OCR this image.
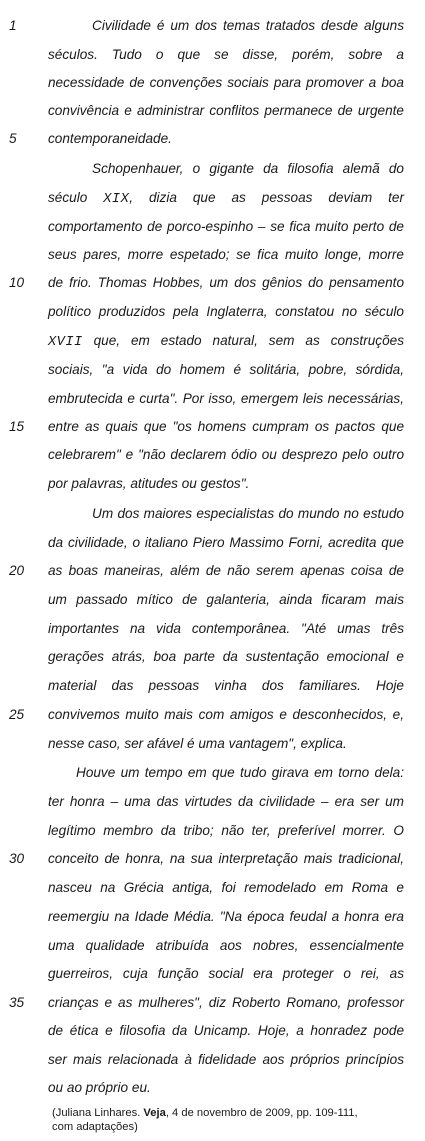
1
5
10
15
20
25
30
35
Civilidade é um dos temas tratados desde alguns
séculos. Tudo o que se disse, porém, sobre a
necessidade de convenções sociais para promover a boa
convivência e administrar conflitos permanece de urgente
contemporaneidade.
Schopenhauer, o gigante da filosofia alemã do
século XIX, dizia que as pessoas deviam ter
comportamento de porco-espinho – se fica muito perto de
seus pares, morre espetado; se fica muito longe, morre
de frio. Thomas Hobbes, um dos gênios do pensamento
político produzidos pela Inglaterra, constatou no século
XVII que, em estado natural, sem as construções
sociais, "a vida do homem é solitária, pobre, sórdida,
embrutecida e curta". Por isso, emergem leis necessárias,
entre as quais que "os homens cumpram os pactos que
celebrarem" e "não declarem ódio ou desprezo pelo outro
por palavras, atitudes ou gestos".
Um dos maiores especialistas do mundo no estudo
da civilidade, o italiano Piero Massimo Forni, acredita que
as boas maneiras, além de não serem apenas coisa de
um passado mítico de galanteria, ainda ficaram mais
importantes na vida contemporânea. "Até umas três
gerações atrás, boa parte da sustentação emocional e
material das pessoas vinha dos familiares. Hoje
convivemos muito mais com amigos e desconhecidos, e,
nesse caso, ser afável é uma vantagem", explica.
Houve um tempo em que tudo girava em torno dela:
ter honra – uma das virtudes da civilidade – era ser um
legítimo membro da tribo; não ter, preferível morrer. O
conceito de honra, na sua interpretação mais tradicional,
nasceu na Grécia antiga, foi remodelado em Roma e
reemergiu na Idade Média. "Na época feudal a honra era
uma qualidade atribuída aos nobres, essencialmente
guerreiros, cuja função social era proteger o rei, as
crianças e as mulheres", diz Roberto Romano, professor
de ética e filosofia da Unicamp. Hoje, a honradez pode
ser mais relacionada à fidelidade aos próprios princípios
ou ao próprio eu.
(Juliana Linhares. Veja, 4 de novembro de 2009, pp. 109-111,
com adaptações)
